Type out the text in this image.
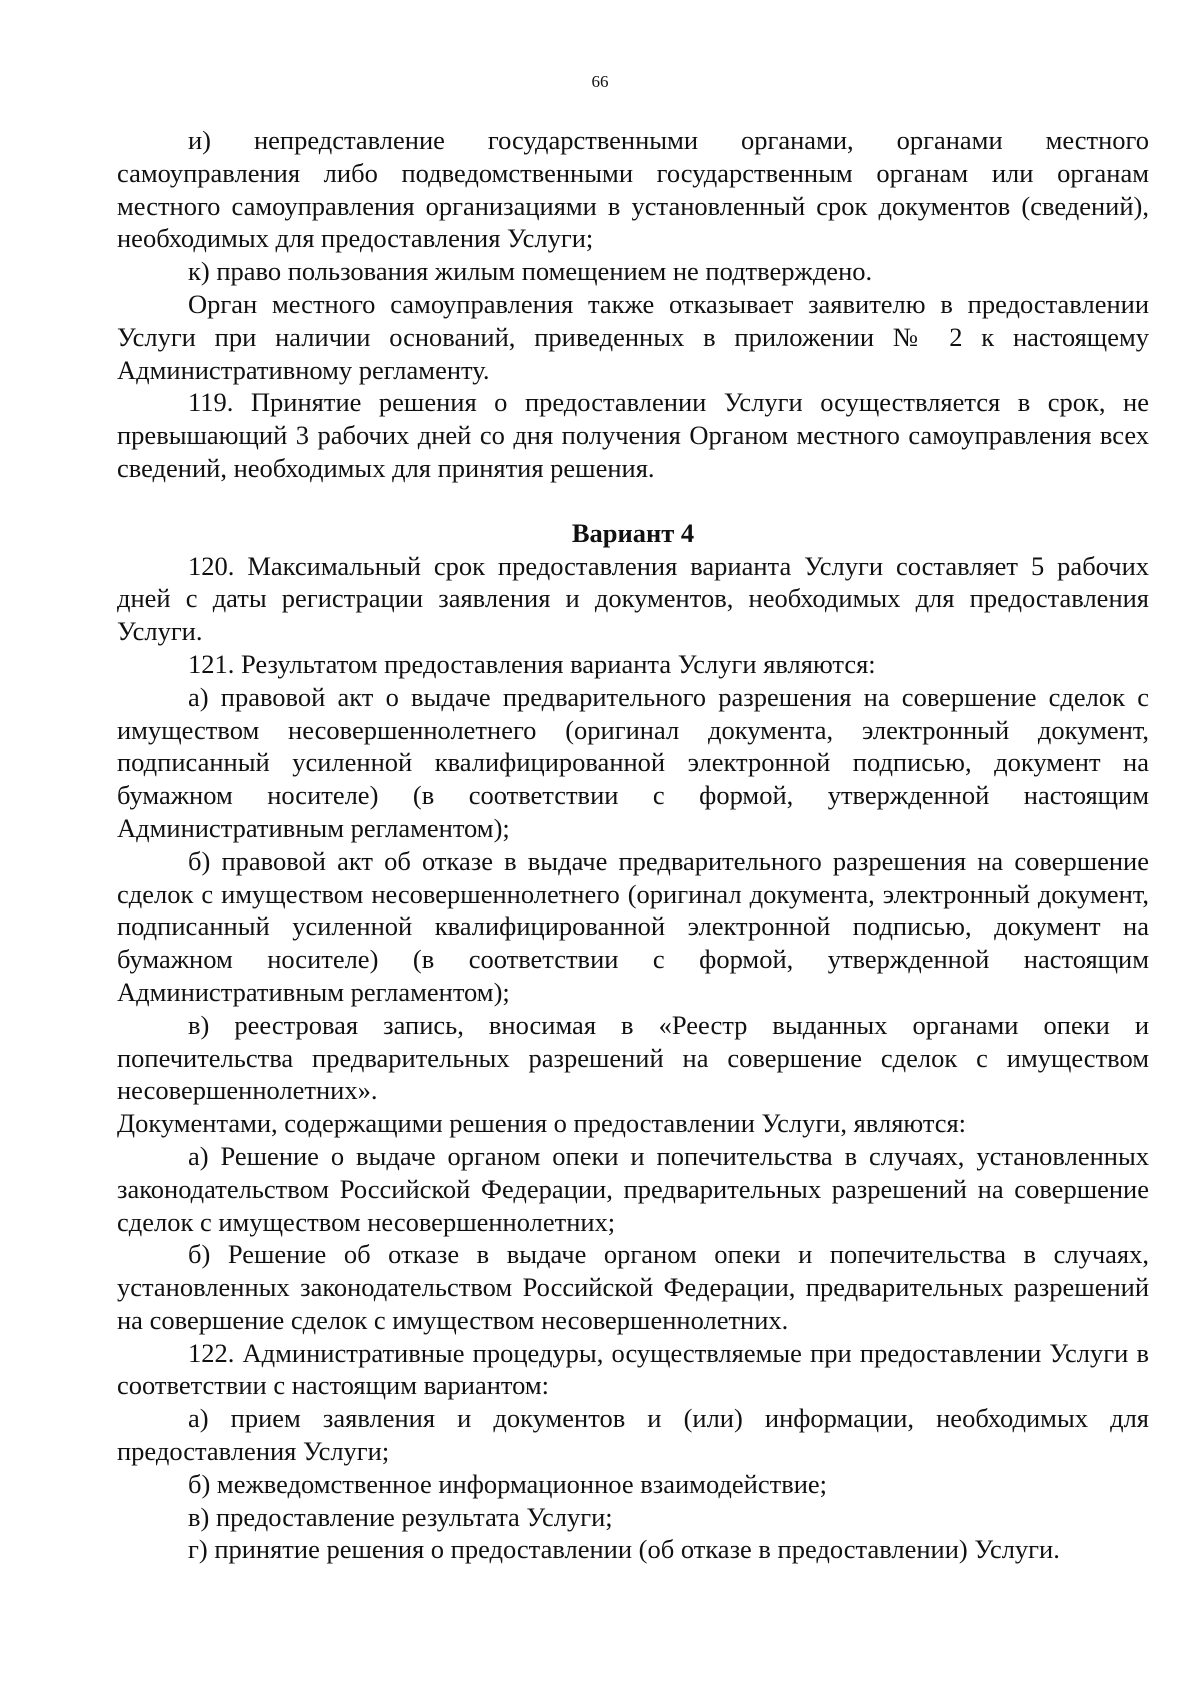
66

и) непредставление государственными органами, органами местного самоуправления либо подведомственными государственным органам или органам местного самоуправления организациями в установленный срок документов (сведений), необходимых для предоставления Услуги;

к) право пользования жилым помещением не подтверждено.

Орган местного самоуправления также отказывает заявителю в предоставлении Услуги при наличии оснований, приведенных в приложении № 2 к настоящему Административному регламенту.

119. Принятие решения о предоставлении Услуги осуществляется в срок, не превышающий 3 рабочих дней со дня получения Органом местного самоуправления всех сведений, необходимых для принятия решения.

Вариант 4

120. Максимальный срок предоставления варианта Услуги составляет 5 рабочих дней с даты регистрации заявления и документов, необходимых для предоставления Услуги.

121. Результатом предоставления варианта Услуги являются:

а) правовой акт о выдаче предварительного разрешения на совершение сделок с имуществом несовершеннолетнего (оригинал документа, электронный документ, подписанный усиленной квалифицированной электронной подписью, документ на бумажном носителе) (в соответствии с формой, утвержденной настоящим Административным регламентом);

б) правовой акт об отказе в выдаче предварительного разрешения на совершение сделок с имуществом несовершеннолетнего (оригинал документа, электронный документ, подписанный усиленной квалифицированной электронной подписью, документ на бумажном носителе) (в соответствии с формой, утвержденной настоящим Административным регламентом);

в) реестровая запись, вносимая в «Реестр выданных органами опеки и попечительства предварительных разрешений на совершение сделок с имуществом несовершеннолетних».

Документами, содержащими решения о предоставлении Услуги, являются:

а) Решение о выдаче органом опеки и попечительства в случаях, установленных законодательством Российской Федерации, предварительных разрешений на совершение сделок с имуществом несовершеннолетних;

б) Решение об отказе в выдаче органом опеки и попечительства в случаях, установленных законодательством Российской Федерации, предварительных разрешений на совершение сделок с имуществом несовершеннолетних.

122. Административные процедуры, осуществляемые при предоставлении Услуги в соответствии с настоящим вариантом:

а) прием заявления и документов и (или) информации, необходимых для предоставления Услуги;

б) межведомственное информационное взаимодействие;

в) предоставление результата Услуги;

г) принятие решения о предоставлении (об отказе в предоставлении) Услуги.
